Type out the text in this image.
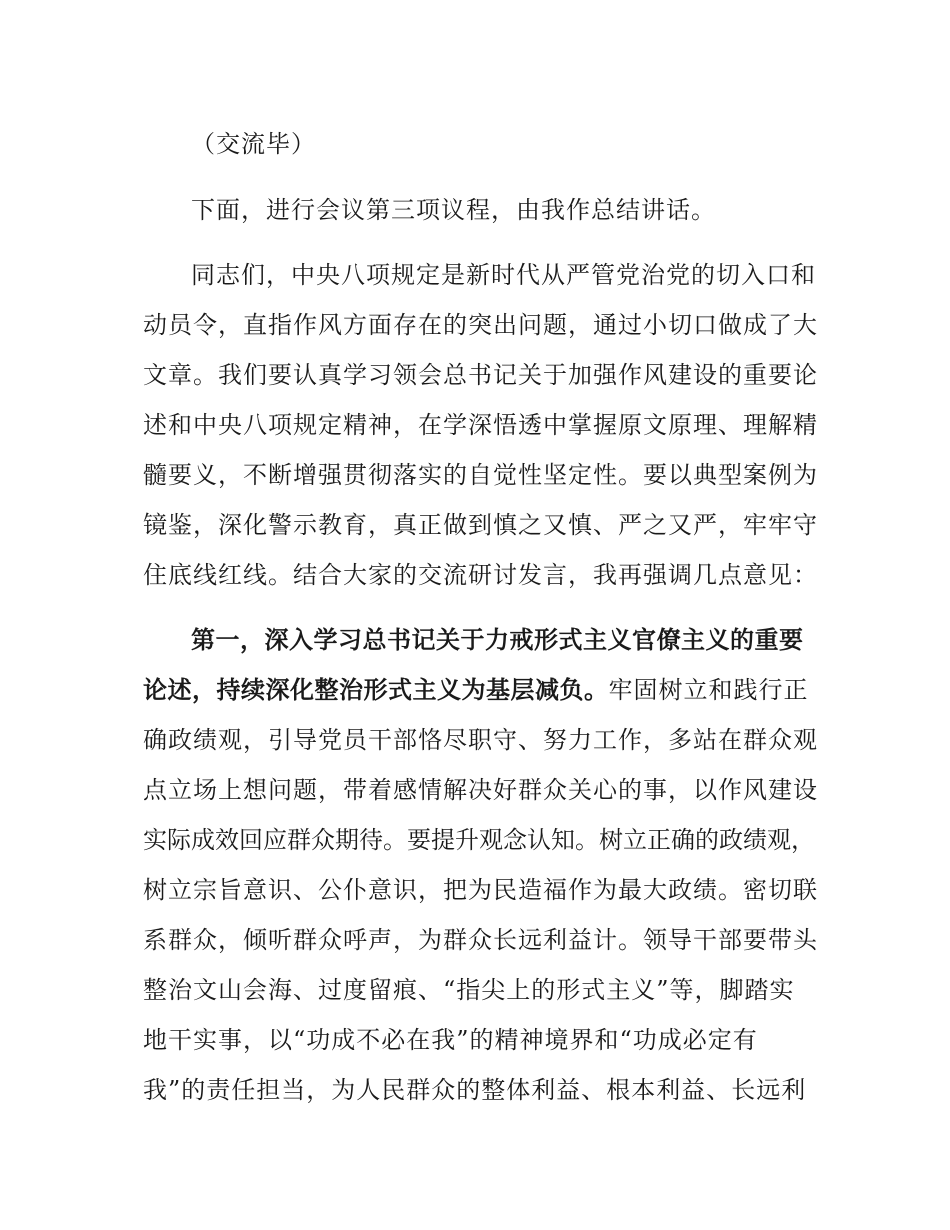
（交流毕）
下面，进行会议第三项议程，由我作总结讲话。
同志们，中央八项规定是新时代从严管党治党的切入口和
动员令，直指作风方面存在的突出问题，通过小切口做成了大
文章。我们要认真学习领会总书记关于加强作风建设的重要论
述和中央八项规定精神，在学深悟透中掌握原文原理、理解精
髓要义，不断增强贯彻落实的自觉性坚定性。要以典型案例为
镜鉴，深化警示教育，真正做到慎之又慎、严之又严，牢牢守
住底线红线。结合大家的交流研讨发言，我再强调几点意见：
第一，深入学习总书记关于力戒形式主义官僚主义的重要
论述，持续深化整治形式主义为基层减负。牢固树立和践行正
确政绩观，引导党员干部恪尽职守、努力工作，多站在群众观
点立场上想问题，带着感情解决好群众关心的事，以作风建设
实际成效回应群众期待。要提升观念认知。树立正确的政绩观，
树立宗旨意识、公仆意识，把为民造福作为最大政绩。密切联
系群众，倾听群众呼声，为群众长远利益计。领导干部要带头
整治文山会海、过度留痕、“指尖上的形式主义”等，脚踏实
地干实事，以“功成不必在我”的精神境界和“功成必定有
我”的责任担当，为人民群众的整体利益、根本利益、长远利
